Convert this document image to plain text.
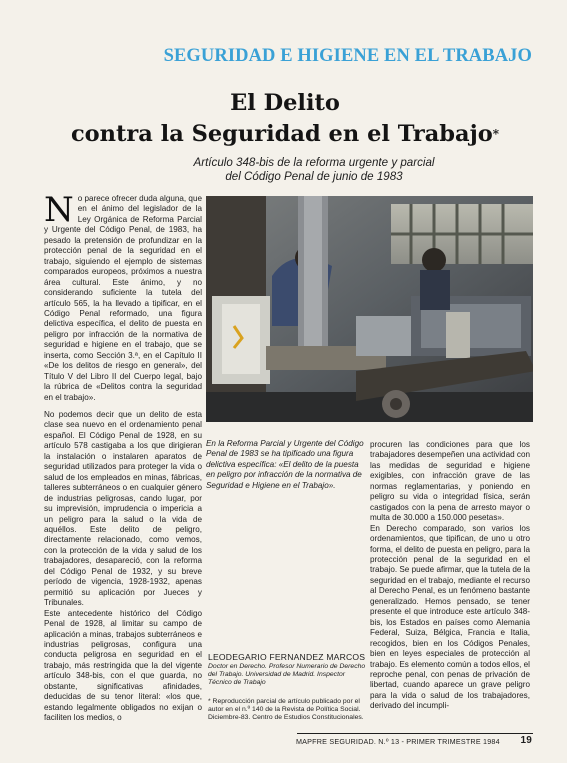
SEGURIDAD E HIGIENE EN EL TRABAJO
El Delito
contra la Seguridad en el Trabajo*
Artículo 348-bis de la reforma urgente y parcial
del Código Penal de junio de 1983

No parece ofrecer duda alguna, que en el ánimo del legislador de la Ley Orgánica de Reforma Parcial y Urgente del Código Penal, de 1983, ha pesado la pretensión de profundizar en la protección penal de la seguridad en el trabajo, siguiendo el ejemplo de sistemas comparados europeos, próximos a nuestra área cultural. Este ánimo, y no considerando suficiente la tutela del artículo 565, la ha llevado a tipificar, en el Código Penal reformado, una figura delictiva específica, el delito de puesta en peligro por infracción de la normativa de seguridad e higiene en el trabajo, que se inserta, como Sección 3.ª, en el Capítulo II «De los delitos de riesgo en general», del Título V del Libro II del Cuerpo legal, bajo la rúbrica de «Delitos contra la seguridad en el trabajo».

En la Reforma Parcial y Urgente del Código Penal de 1983 se ha tipificado una figura delictiva específica: «El delito de la puesta en peligro por infracción de la normativa de Seguridad e Higiene en el Trabajo».

No podemos decir que un delito de esta clase sea nuevo en el ordenamiento penal español. El Código Penal de 1928, en su artículo 578 castigaba a los que dirigieran la instalación o instalaren aparatos de seguridad utilizados para proteger la vida o salud de los empleados en minas, fábricas, talleres subterráneos o en cualquier género de industrias peligrosas, cando lugar, por su imprevisión, imprudencia o impericia a un peligro para la salud o la vida de aquéllos. Este delito de peligro, directamente relacionado, como vemos, con la protección de la vida y salud de los trabajadores, desapareció, con la reforma del Código Penal de 1932, y su breve período de vigencia, 1928-1932, apenas permitió su aplicación por Jueces y Tribunales.

Este antecedente histórico del Código Penal de 1928, al limitar su campo de aplicación a minas, trabajos subterráneos e industrias peligrosas, configura una conducta peligrosa en seguridad en el trabajo, más restringida que la del vigente artículo 348-bis, con el que guarda, no obstante, significativas afinidades, deducidas de su tenor literal: «los que, estando legalmente obligados no exijan o faciliten los medios, o

LEODEGARIO FERNANDEZ MARCOS
Doctor en Derecho. Profesor Numerario de Derecho del Trabajo. Universidad de Madrid. Inspector Técnico de Trabajo
* Reproducción parcial de artículo publicado por el autor en el n.º 140 de la Revista de Política Social. Diciembre-83. Centro de Estudios Constitucionales.

procuren las condiciones para que los trabajadores desempeñen una actividad con las medidas de seguridad e higiene exigibles, con infracción grave de las normas reglamentarias, y poniendo en peligro su vida o integridad física, serán castigados con la pena de arresto mayor o multa de 30.000 a 150.000 pesetas».

En Derecho comparado, son varios los ordenamientos, que tipifican, de uno u otro forma, el delito de puesta en peligro, para la protección penal de la seguridad en el trabajo. Se puede afirmar, que la tutela de la seguridad en el trabajo, mediante el recurso al Derecho Penal, es un fenómeno bastante generalizado. Hemos pensado, se tener presente el que introduce este artículo 348-bis, los Estados en países como Alemania Federal, Suiza, Bélgica, Francia e Italia, recogidos, bien en los Códigos Penales, bien en leyes especiales de protección al trabajo. Es elemento común a todos ellos, el reproche penal, con penas de privación de libertad, cuando aparece un grave peligro para la vida o salud de los trabajadores, derivado del incumpli-

MAPFRE SEGURIDAD. N.º 13 - PRIMER TRIMESTRE 1984 19
